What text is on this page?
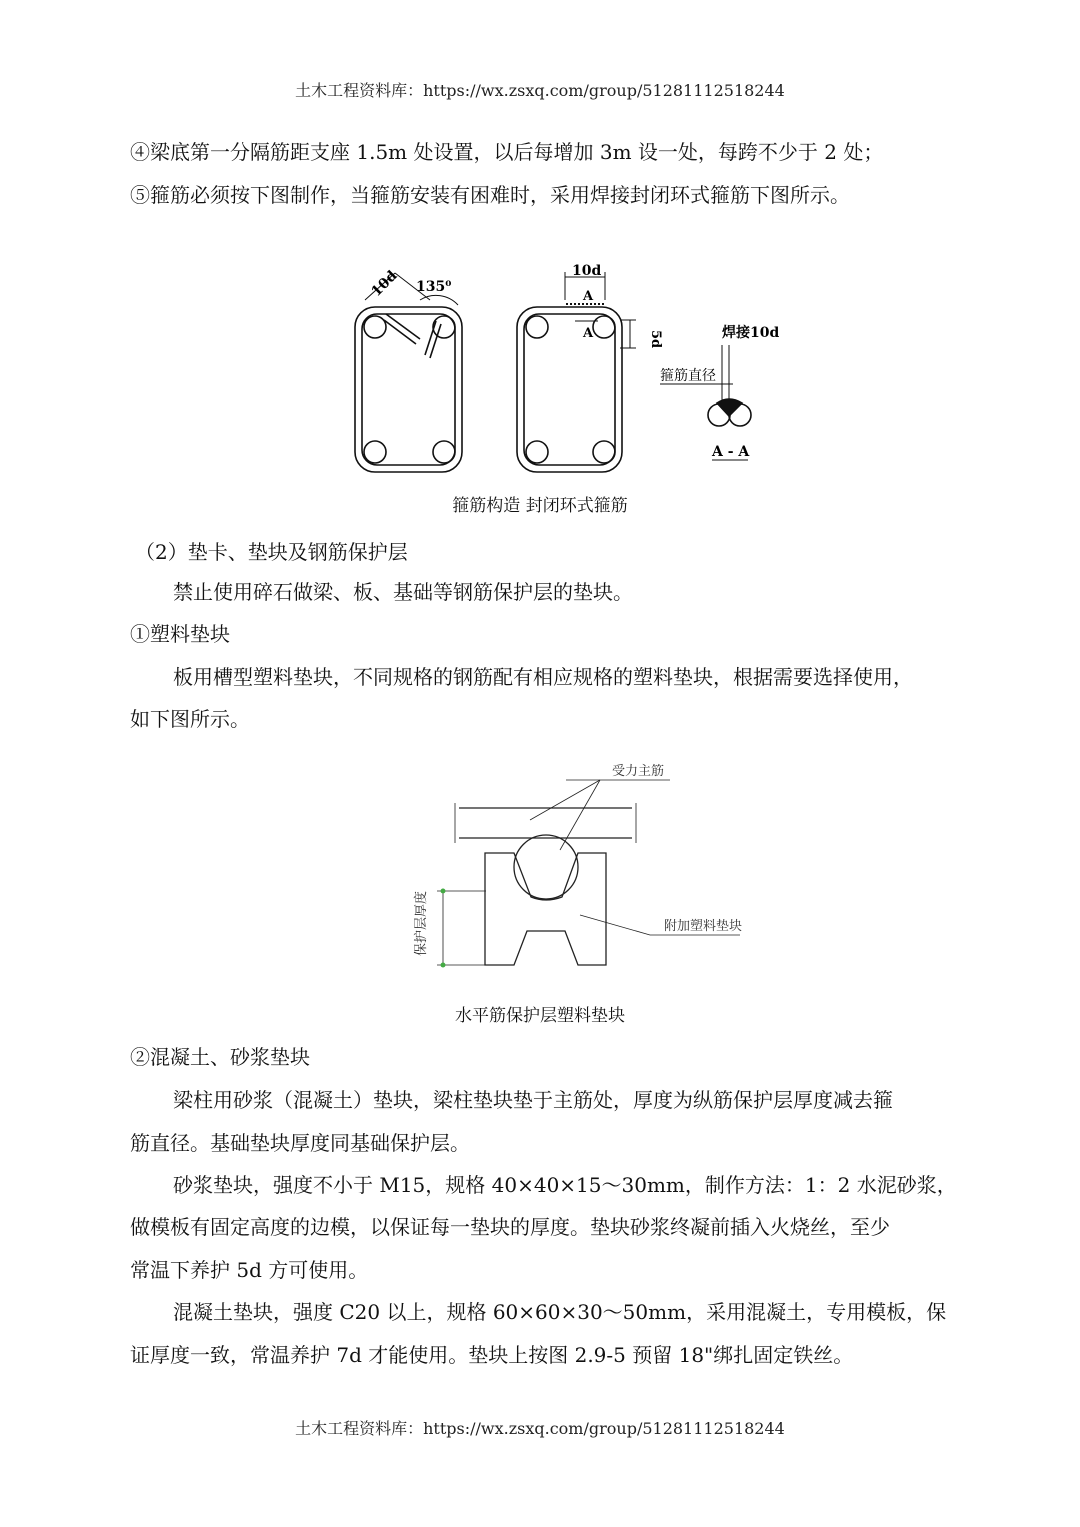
土木工程资料库：https://wx.zsxq.com/group/51281112518244
④梁底第一分隔筋距支座 1.5m 处设置，以后每增加 3m 设一处，每跨不少于 2 处；
⑤箍筋必须按下图制作，当箍筋安装有困难时，采用焊接封闭环式箍筋下图所示。
10d 135⁰
10d
A
A	5d	焊接10d
箍筋直径
A - A
箍筋构造 封闭环式箍筋
（2）垫卡、垫块及钢筋保护层
禁止使用碎石做梁、板、基础等钢筋保护层的垫块。
①塑料垫块
板用槽型塑料垫块，不同规格的钢筋配有相应规格的塑料垫块，根据需要选择使用，
如下图所示。
受力主筋
附加塑料垫块
保护层厚度
水平筋保护层塑料垫块
②混凝土、砂浆垫块
梁柱用砂浆（混凝土）垫块，梁柱垫块垫于主筋处，厚度为纵筋保护层厚度减去箍
筋直径。基础垫块厚度同基础保护层。
砂浆垫块，强度不小于 M15，规格 40×40×15～30mm，制作方法：1：2 水泥砂浆，
做模板有固定高度的边模，以保证每一垫块的厚度。垫块砂浆终凝前插入火烧丝，至少
常温下养护 5d 方可使用。
混凝土垫块，强度 C20 以上，规格 60×60×30～50mm，采用混凝土，专用模板，保
证厚度一致，常温养护 7d 才能使用。垫块上按图 2.9-5 预留 18"绑扎固定铁丝。
土木工程资料库：https://wx.zsxq.com/group/51281112518244
